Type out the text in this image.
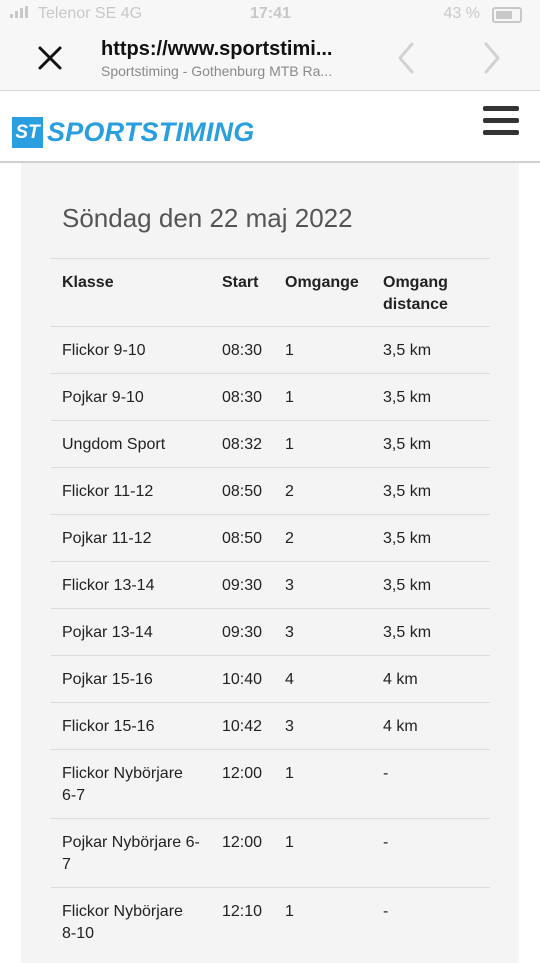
Telenor SE 4G	17:41	43 %
https://www.sportstimi...
Sportstiming - Gothenburg MTB Ra...
ST SPORTSTIMING
Söndag den 22 maj 2022
Klasse	Start	Omgange	Omgang distance
Flickor 9-10	08:30	1	3,5 km
Pojkar 9-10	08:30	1	3,5 km
Ungdom Sport	08:32	1	3,5 km
Flickor 11-12	08:50	2	3,5 km
Pojkar 11-12	08:50	2	3,5 km
Flickor 13-14	09:30	3	3,5 km
Pojkar 13-14	09:30	3	3,5 km
Pojkar 15-16	10:40	4	4 km
Flickor 15-16	10:42	3	4 km
Flickor Nybörjare 6-7	12:00	1	-
Pojkar Nybörjare 6-7	12:00	1	-
Flickor Nybörjare 8-10	12:10	1	-
